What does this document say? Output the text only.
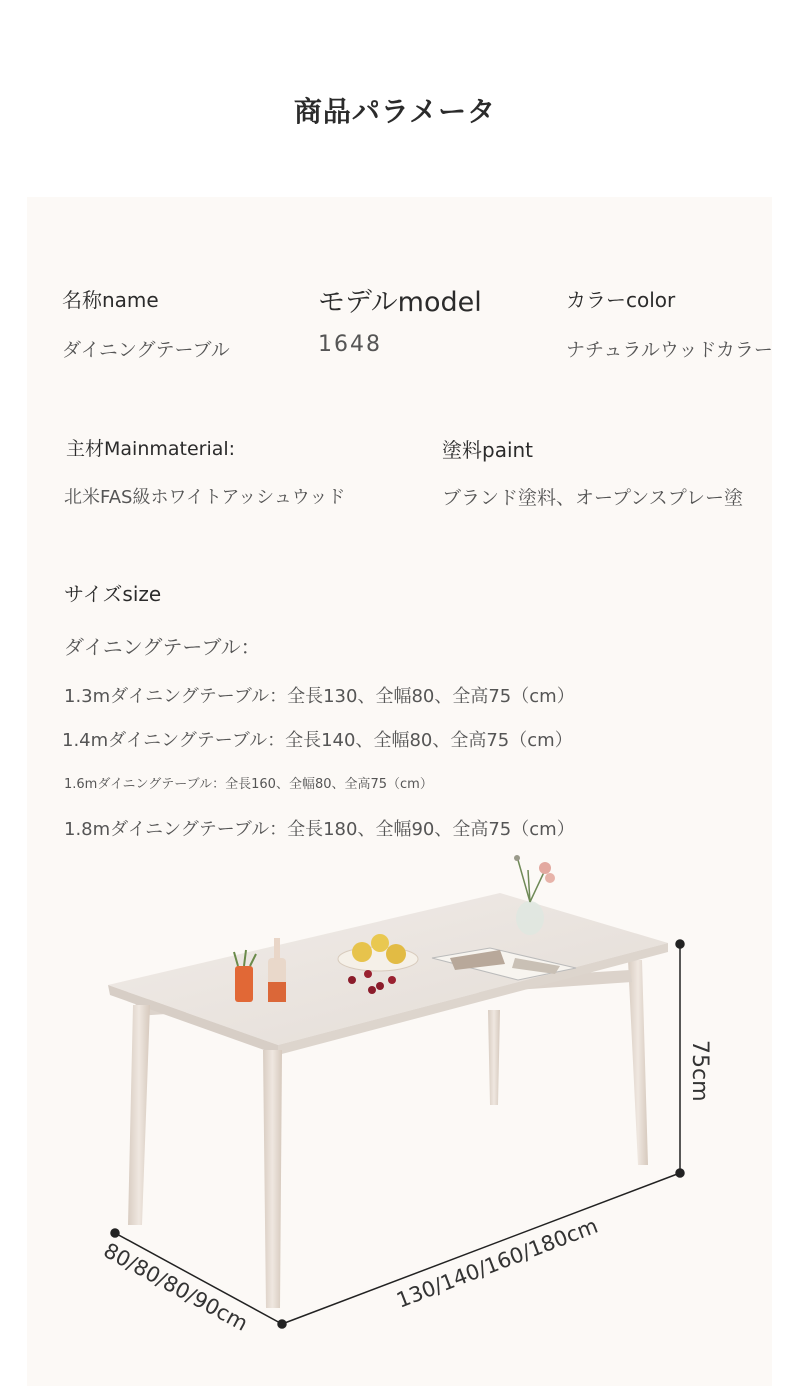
商品パラメータ
名称name
ダイニングテーブル
モデルmodel
1648
カラーcolor
ナチュラルウッドカラー
主材Mainmaterial:
北米FAS級ホワイトアッシュウッド
塗料paint
ブランド塗料、オープンスプレー塗
サイズsize
ダイニングテーブル：
1.3mダイニングテーブル：全長130、全幅80、全高75（cm）
1.4mダイニングテーブル：全長140、全幅80、全高75（cm）
1.6mダイニングテーブル：全長160、全幅80、全高75（cm）
1.8mダイニングテーブル：全長180、全幅90、全高75（cm）
75cm
130/140/160/180cm
80/80/80/90cm
